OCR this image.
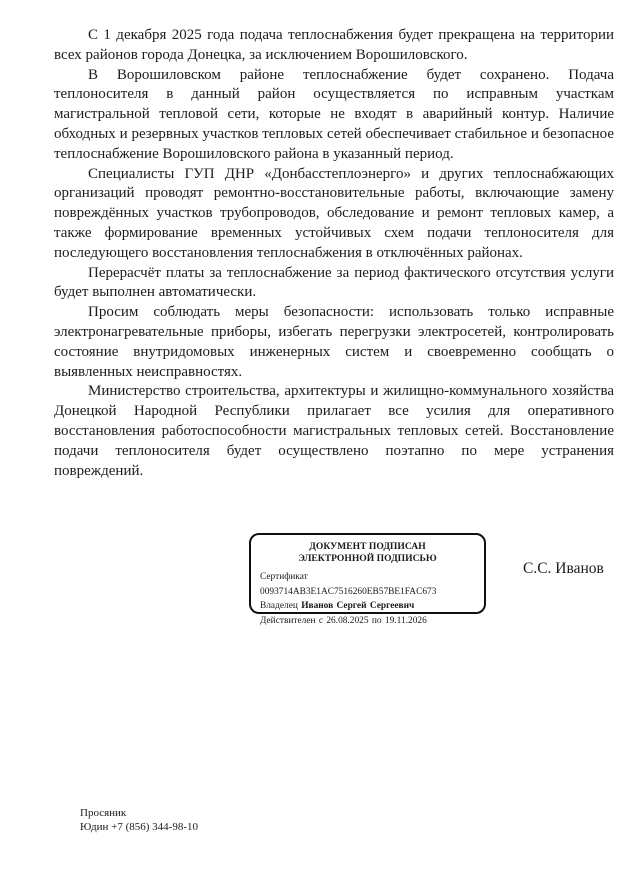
С 1 декабря 2025 года подача теплоснабжения будет прекращена на территории всех районов города Донецка, за исключением Ворошиловского.

В Ворошиловском районе теплоснабжение будет сохранено. Подача теплоносителя в данный район осуществляется по исправным участкам магистральной тепловой сети, которые не входят в аварийный контур. Наличие обходных и резервных участков тепловых сетей обеспечивает стабильное и безопасное теплоснабжение Ворошиловского района в указанный период.

Специалисты ГУП ДНР «Донбасстеплоэнерго» и других теплоснабжающих организаций проводят ремонтно-восстановительные работы, включающие замену повреждённых участков трубопроводов, обследование и ремонт тепловых камер, а также формирование временных устойчивых схем подачи теплоносителя для последующего восстановления теплоснабжения в отключённых районах.

Перерасчёт платы за теплоснабжение за период фактического отсутствия услуги будет выполнен автоматически.

Просим соблюдать меры безопасности: использовать только исправные электронагревательные приборы, избегать перегрузки электросетей, контролировать состояние внутридомовых инженерных систем и своевременно сообщать о выявленных неисправностях.

Министерство строительства, архитектуры и жилищно-коммунального хозяйства Донецкой Народной Республики прилагает все усилия для оперативного восстановления работоспособности магистральных тепловых сетей. Восстановление подачи теплоносителя будет осуществлено поэтапно по мере устранения повреждений.

ДОКУМЕНТ ПОДПИСАН
ЭЛЕКТРОННОЙ ПОДПИСЬЮ
Сертификат 0093714AB3E1AC7516260EB57BE1FAC673
Владелец Иванов Сергей Сергеевич
Действителен с 26.08.2025 по 19.11.2026
С.С. Иванов
Просяник
Юдин +7 (856) 344-98-10
